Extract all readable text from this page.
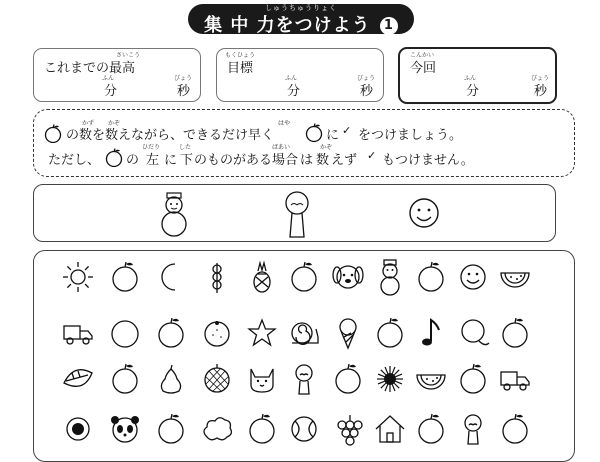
しゅうちゅうりょく
集 中 力をつけよう 1
さいこう
これまでの最高
ふん
分
びょう
秒
もくひょう
目標
ふん
分
びょう
秒
こんかい
今回
ふん
分
びょう
秒
かず かぞ	はや
の数を数えながら、できるだけ早く	に ✓ をつけましょう。
ひだり	した	ばあい	かぞ
ただし、 の 左 に 下 のものがある 場合 は 数 えず ✓ もつけません。
